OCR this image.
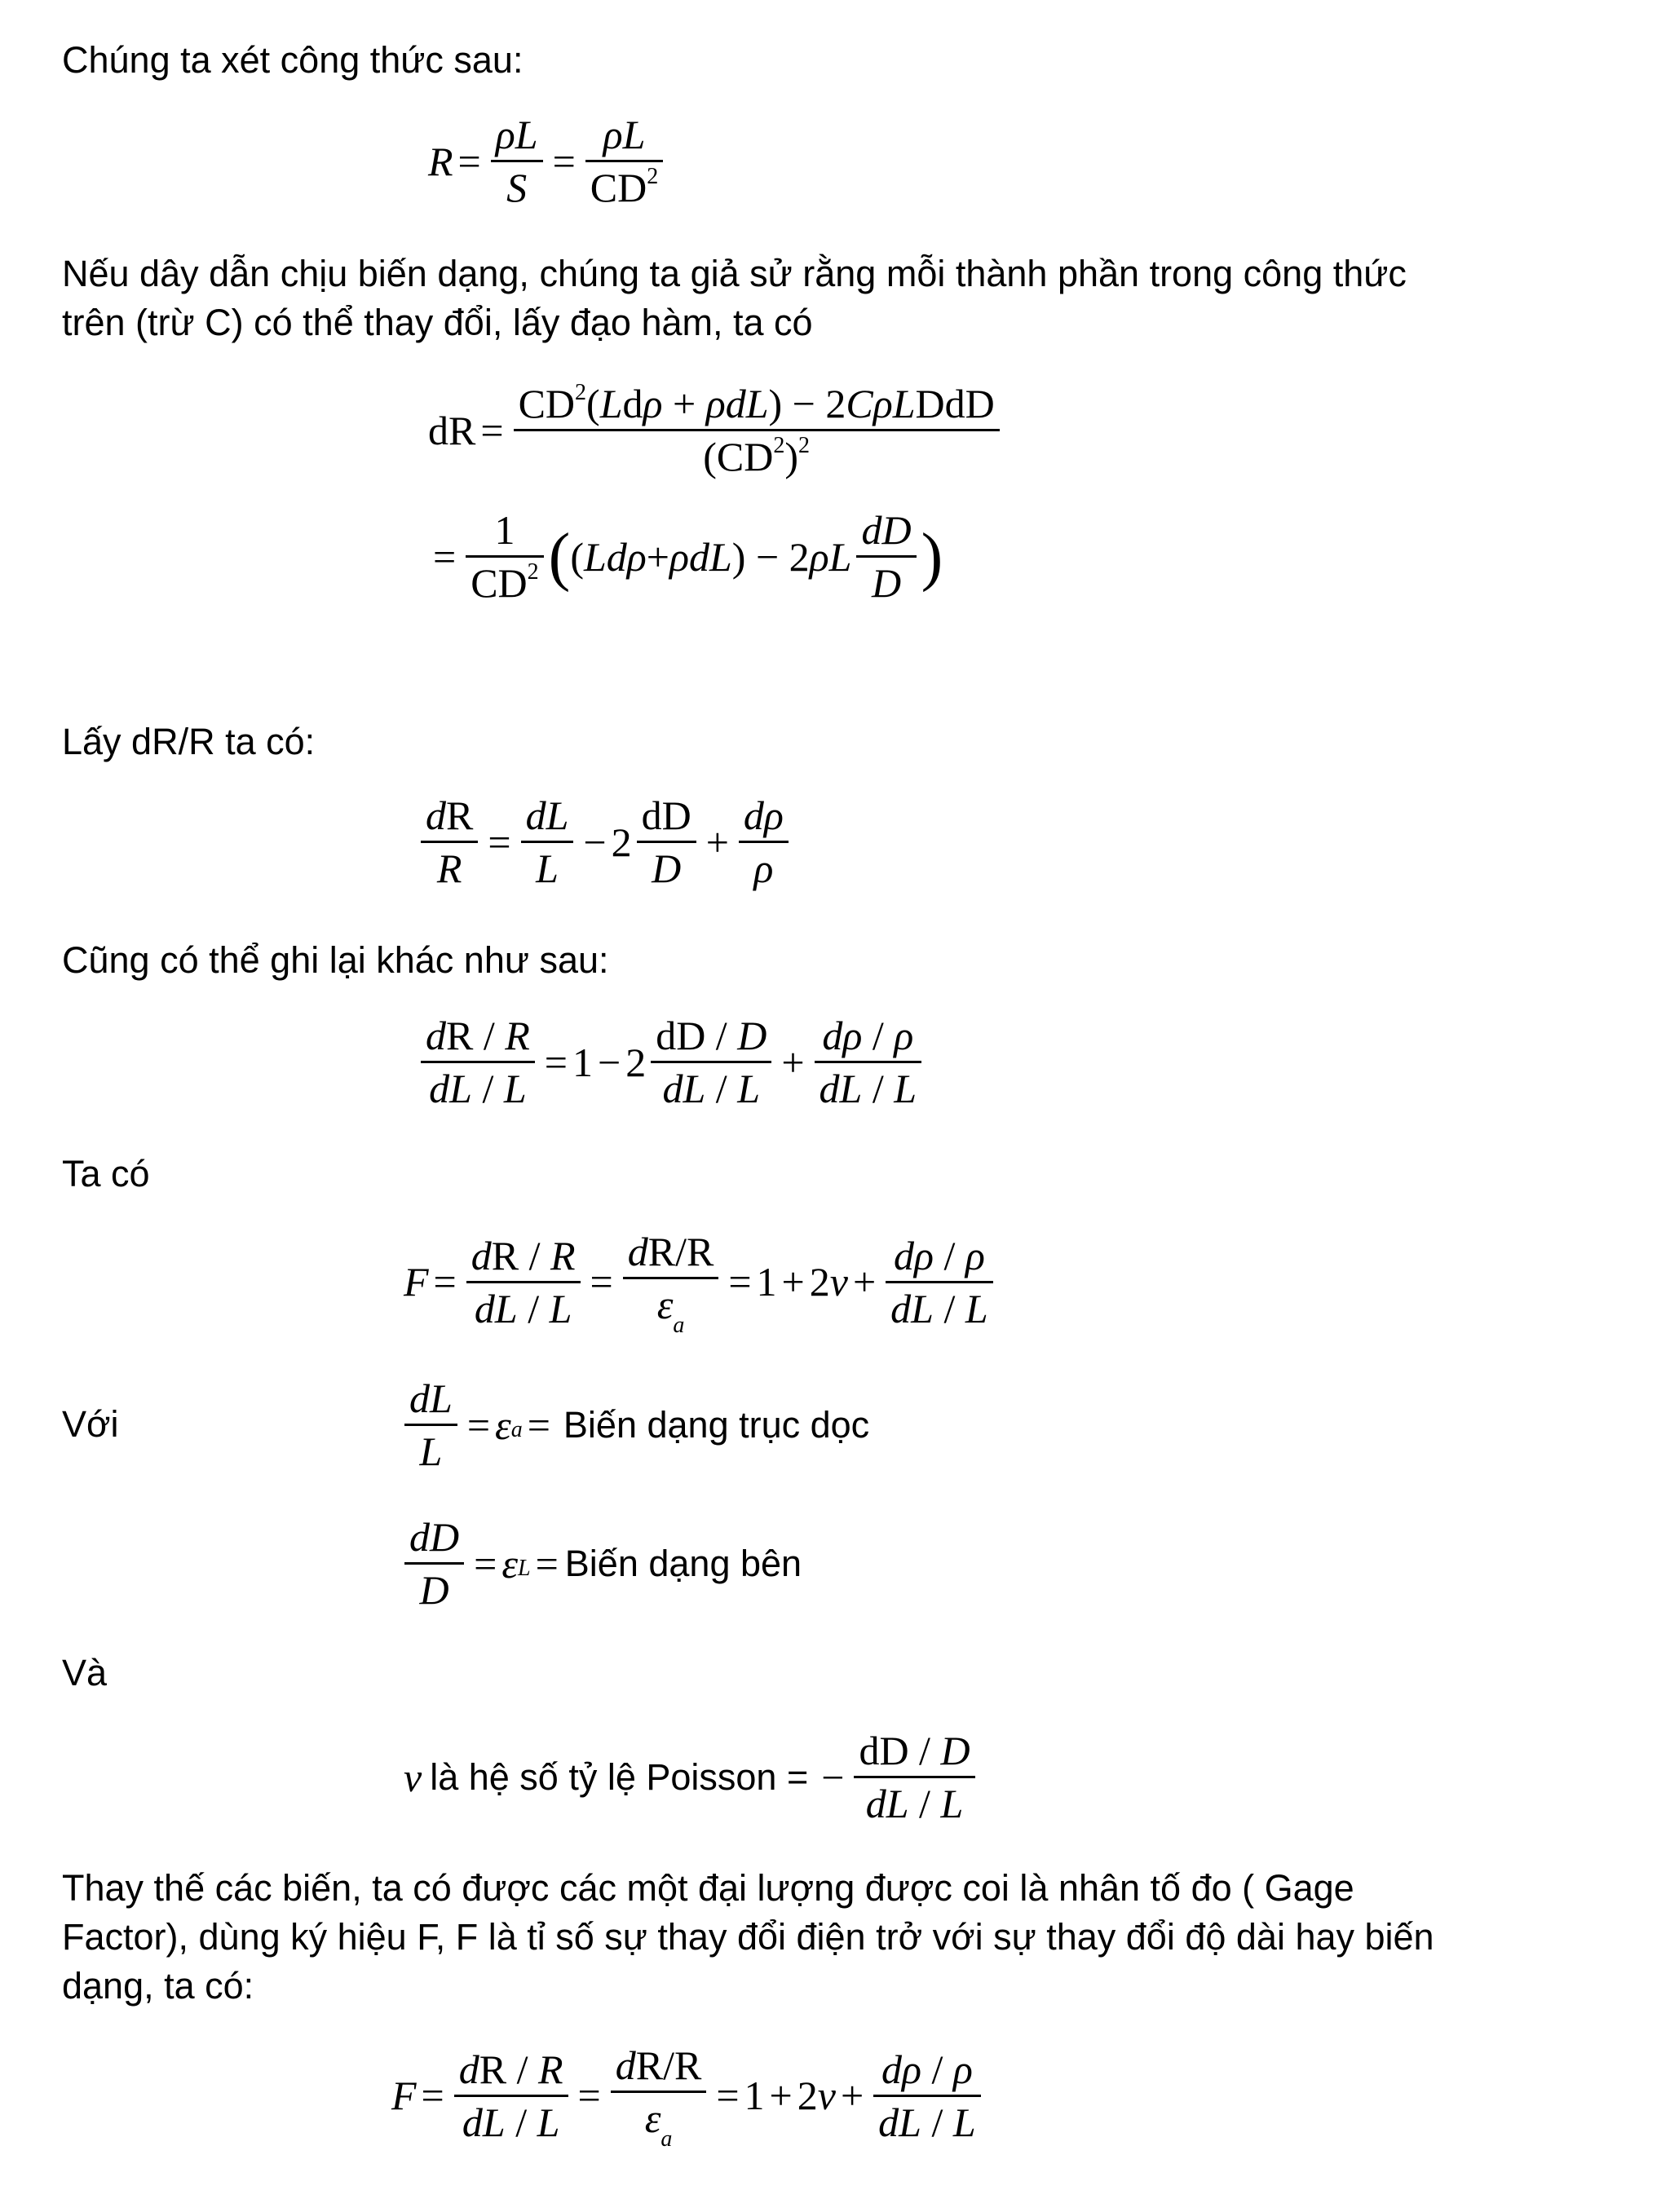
Chúng ta xét công thức sau:

$R = \frac{\rho L}{S} = \frac{\rho L}{CD^2}$

Nếu dây dẫn chịu biến dạng, chúng ta giả sử rằng mỗi thành phần trong công thức

trên (trừ C) có thể thay đổi, lấy đạo hàm, ta có

d $R = \frac{CD^2(Ld\rho + \rho dL) - 2C\rho LDdD}{(CD^2)^2}$
= $\frac{1}{CD^2}$ ( ( Ldρ + ρdL ) − 2 ρL $\frac{dD}{D}$ )

Lấy dR/R ta có:

$\frac{dR}{R} = \frac{dL}{L} - 2 \frac{dD}{D} + \frac{d\rho}{\rho}$

Cũng có thể ghi lại khác như sau:

$\frac{dR / R}{dL / L} = 1 - 2 \frac{dD / D}{dL / L} + \frac{d\rho / \rho}{dL / L}$

Ta có

$F = \frac{dR / R}{dL / L} = \frac{dR/R}{\varepsilon_a} = 1 + 2$ $\nu + \frac{d\rho / \rho}{dL / L}$

Với	$\frac{dL}{L} = \varepsilon$ a = Biến dạng trục dọc
$\frac{dD}{D} = \varepsilon$ L = Biến dạng bên

Và

ν là hệ số tỷ lệ Poisson = − $\frac{dD / D}{dL / L}$

Thay thế các biến, ta có được các một đại lượng được coi là nhân tố đo ( Gage

Factor), dùng ký hiệu F, F là tỉ số sự thay đổi điện trở với sự thay đổi độ dài hay biến

dạng, ta có:

$F = \frac{dR / R}{dL / L} = \frac{dR/R}{\varepsilon_a} = 1 + 2$ $\nu + \frac{d\rho / \rho}{dL / L}$
